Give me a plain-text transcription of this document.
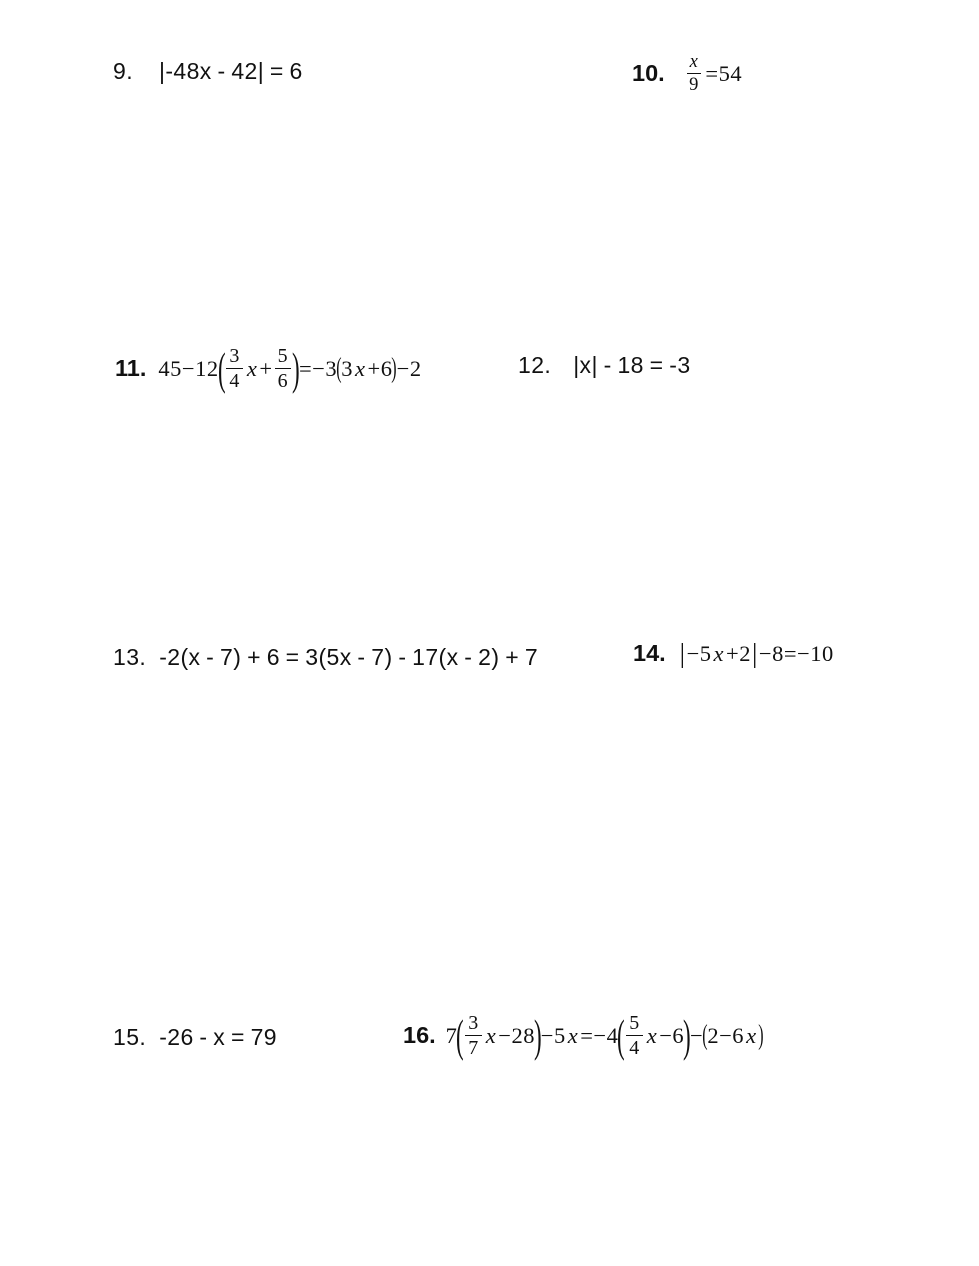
9. |-48x - 42| = 6	10. $\frac{x}{9} =54$
11. 45−12
( $\frac{3}{4}$ $x + \frac{5}{6}$ )
=−3 ( 3 x +6 ) −2	12. |x| - 18 = -3
13. -2(x - 7) + 6 = 3(5x - 7) - 17(x - 2) + 7	14. | −5 x +2 | −8=−10
15. -26 - x = 79	16. 7
( $\frac{3}{7}$ x −28
)
−5 x =−4
( $\frac{5}{4}$ x −6
)
− ( 2−6 x )
